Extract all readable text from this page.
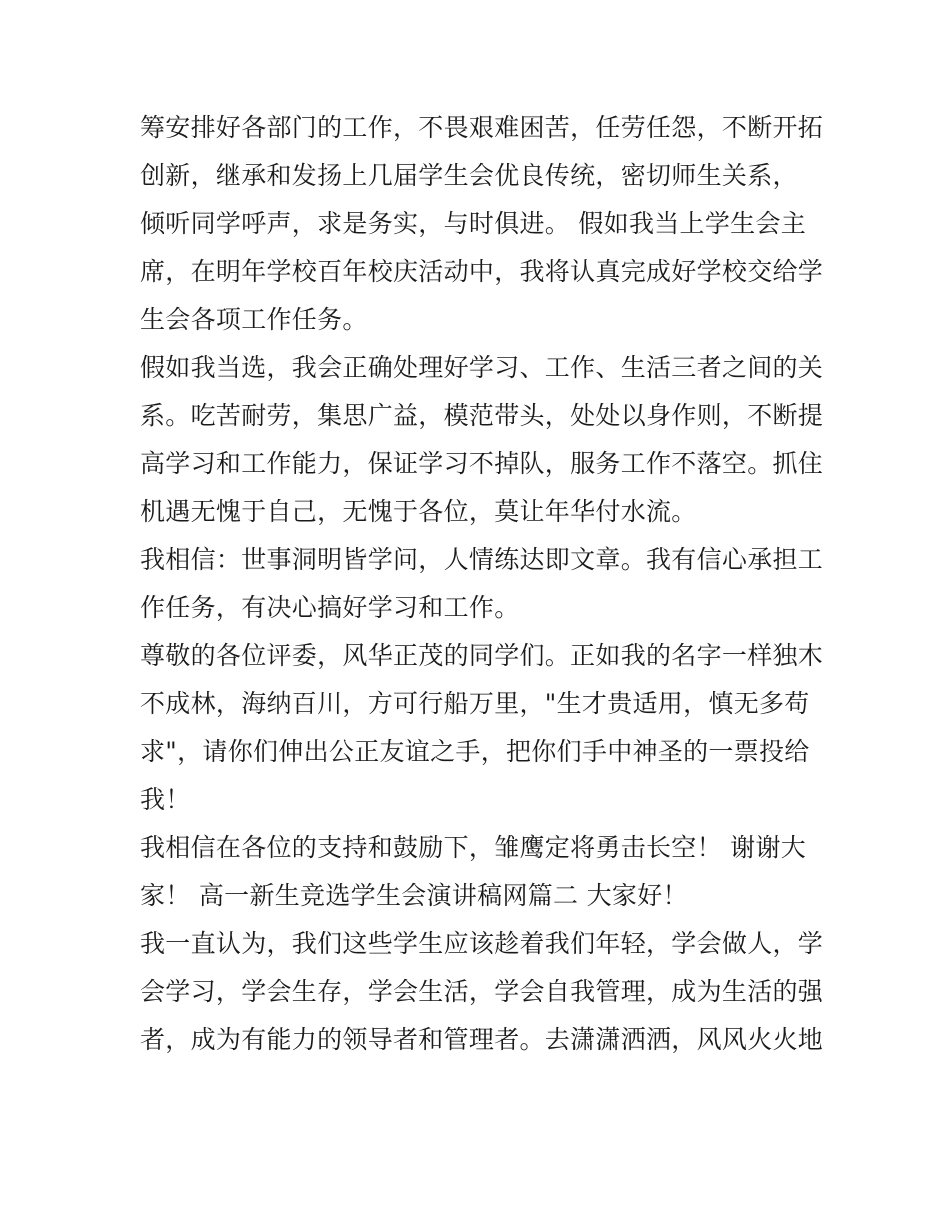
筹安排好各部门的工作，不畏艰难困苦，任劳任怨，不断开拓
创新，继承和发扬上几届学生会优良传统，密切师生关系，
倾听同学呼声，求是务实，与时俱进。 假如我当上学生会主
席，在明年学校百年校庆活动中，我将认真完成好学校交给学
生会各项工作任务。
假如我当选，我会正确处理好学习、工作、生活三者之间的关
系。吃苦耐劳，集思广益，模范带头，处处以身作则，不断提
高学习和工作能力，保证学习不掉队，服务工作不落空。抓住
机遇无愧于自己，无愧于各位，莫让年华付水流。
我相信：世事洞明皆学问，人情练达即文章。我有信心承担工
作任务，有决心搞好学习和工作。
尊敬的各位评委，风华正茂的同学们。正如我的名字一样独木
不成林，海纳百川，方可行船万里，"生才贵适用，慎无多苟
求"，请你们伸出公正友谊之手，把你们手中神圣的一票投给
我！
我相信在各位的支持和鼓励下，雏鹰定将勇击长空！ 谢谢大
家！ 高一新生竞选学生会演讲稿网篇二 大家好！
我一直认为，我们这些学生应该趁着我们年轻，学会做人，学
会学习，学会生存，学会生活，学会自我管理，成为生活的强
者，成为有能力的领导者和管理者。去潇潇洒洒，风风火火地
